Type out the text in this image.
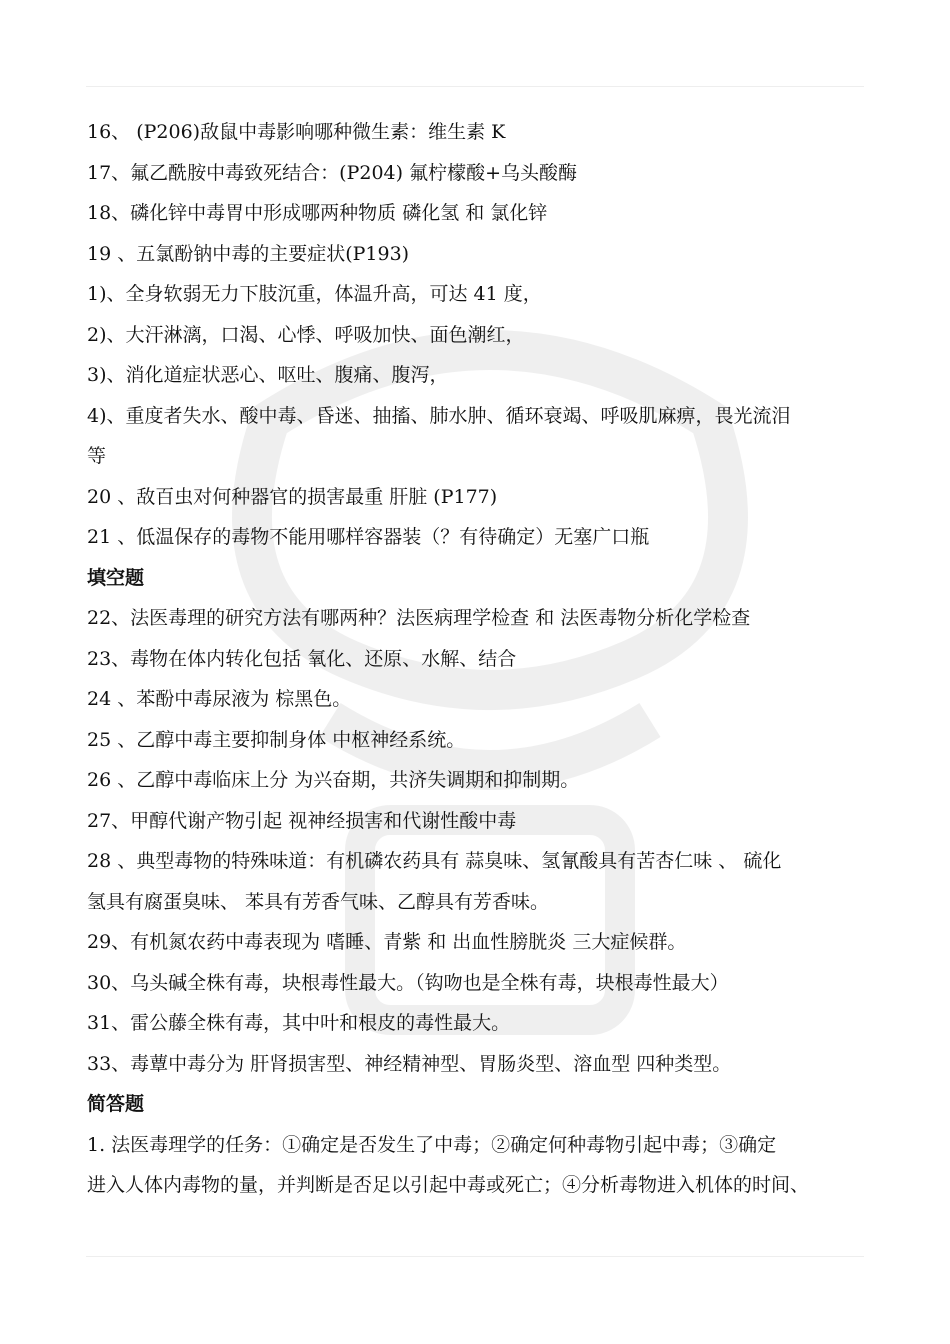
16、 (P206)敌鼠中毒影响哪种微生素：维生素 K
17、氟乙酰胺中毒致死结合：(P204) 氟柠檬酸+乌头酸酶
18、磷化锌中毒胃中形成哪两种物质 磷化氢 和 氯化锌
19 、五氯酚钠中毒的主要症状(P193)
1)、全身软弱无力下肢沉重，体温升高，可达 41 度，
2)、大汗淋漓，口渴、心悸、呼吸加快、面色潮红，
3)、消化道症状恶心、呕吐、腹痛、腹泻，
4)、重度者失水、酸中毒、昏迷、抽搐、肺水肿、循环衰竭、呼吸肌麻痹，畏光流泪
等
20 、敌百虫对何种器官的损害最重 肝脏 (P177)
21 、低温保存的毒物不能用哪样容器装（？有待确定）无塞广口瓶
填空题
22、法医毒理的研究方法有哪两种？法医病理学检查 和 法医毒物分析化学检查
23、毒物在体内转化包括 氧化、还原、水解、结合
24 、苯酚中毒尿液为 棕黑色。
25 、乙醇中毒主要抑制身体 中枢神经系统。
26 、乙醇中毒临床上分 为兴奋期，共济失调期和抑制期。
27、甲醇代谢产物引起 视神经损害和代谢性酸中毒
28 、典型毒物的特殊味道：有机磷农药具有 蒜臭味、氢氰酸具有苦杏仁味 、 硫化
氢具有腐蛋臭味、 苯具有芳香气味、乙醇具有芳香味。
29、有机氮农药中毒表现为 嗜睡、青紫 和 出血性膀胱炎 三大症候群。
30、乌头碱全株有毒，块根毒性最大。（钩吻也是全株有毒，块根毒性最大）
31、雷公藤全株有毒，其中叶和根皮的毒性最大。
33、毒蕈中毒分为 肝肾损害型、神经精神型、胃肠炎型、溶血型 四种类型。
简答题
1. 法医毒理学的任务：①确定是否发生了中毒；②确定何种毒物引起中毒；③确定
进入人体内毒物的量，并判断是否足以引起中毒或死亡；④分析毒物进入机体的时间、
